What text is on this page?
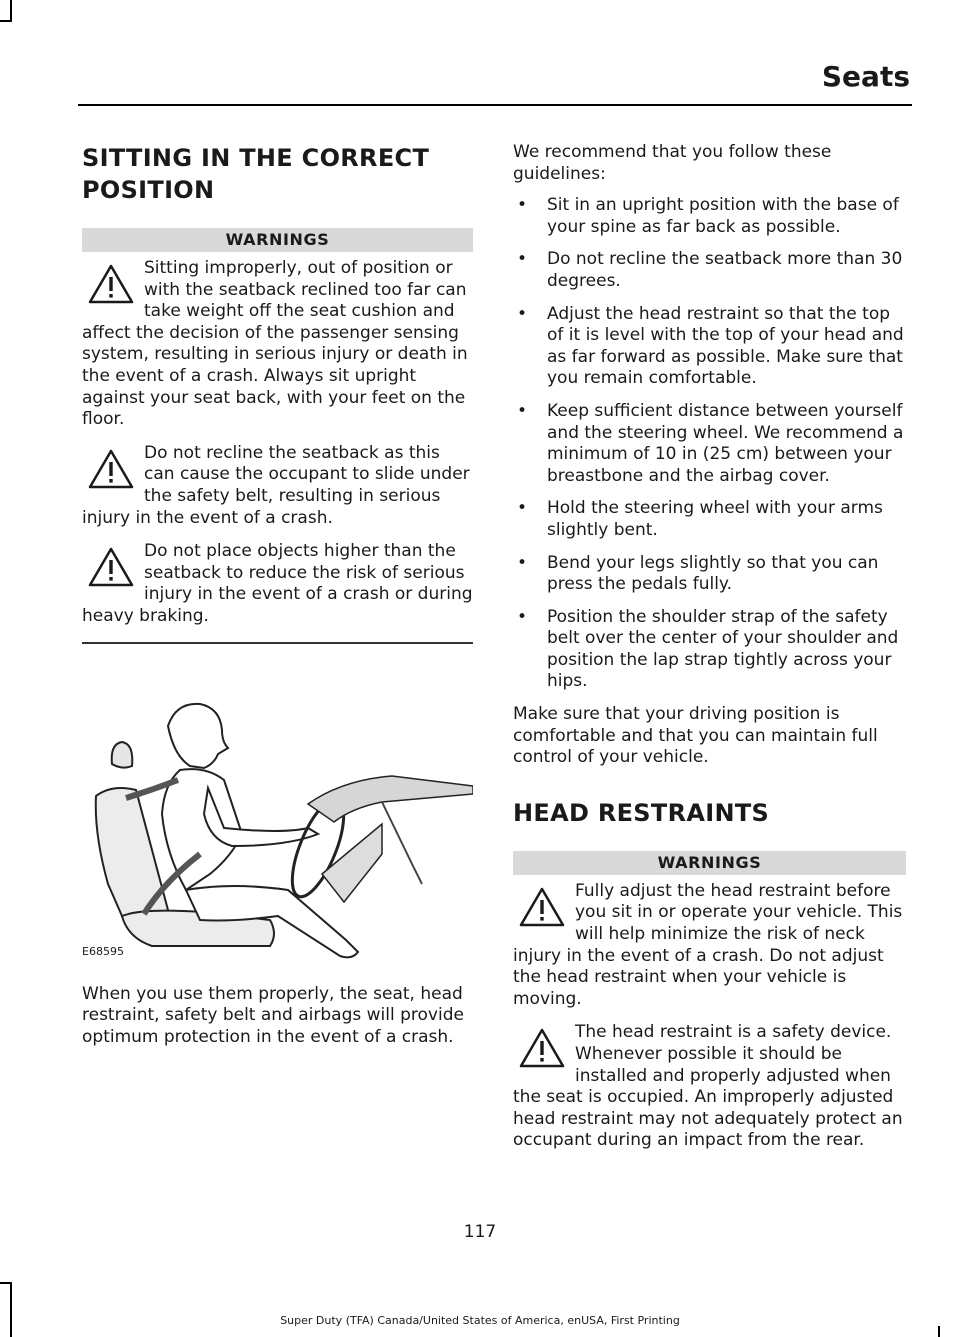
Seats
SITTING IN THE CORRECT POSITION
WARNINGS
Sitting improperly, out of position or with the seatback reclined too far can take weight off the seat cushion and affect the decision of the passenger sensing system, resulting in serious injury or death in the event of a crash. Always sit upright against your seat back, with your feet on the floor.
Do not recline the seatback as this can cause the occupant to slide under the safety belt, resulting in serious injury in the event of a crash.
Do not place objects higher than the seatback to reduce the risk of serious injury in the event of a crash or during heavy braking.
E68595

When you use them properly, the seat, head restraint, safety belt and airbags will provide optimum protection in the event of a crash.

We recommend that you follow these guidelines:

• Sit in an upright position with the base of your spine as far back as possible.
• Do not recline the seatback more than 30 degrees.
• Adjust the head restraint so that the top of it is level with the top of your head and as far forward as possible. Make sure that you remain comfortable.
• Keep sufficient distance between yourself and the steering wheel. We recommend a minimum of 10 in (25 cm) between your breastbone and the airbag cover.
• Hold the steering wheel with your arms slightly bent.
• Bend your legs slightly so that you can press the pedals fully.
• Position the shoulder strap of the safety belt over the center of your shoulder and position the lap strap tightly across your hips.

Make sure that your driving position is comfortable and that you can maintain full control of your vehicle.

HEAD RESTRAINTS
WARNINGS
Fully adjust the head restraint before you sit in or operate your vehicle. This will help minimize the risk of neck injury in the event of a crash. Do not adjust the head restraint when your vehicle is moving.
The head restraint is a safety device. Whenever possible it should be installed and properly adjusted when the seat is occupied. An improperly adjusted head restraint may not adequately protect an occupant during an impact from the rear.

117

Super Duty (TFA) Canada/United States of America, enUSA, First Printing
